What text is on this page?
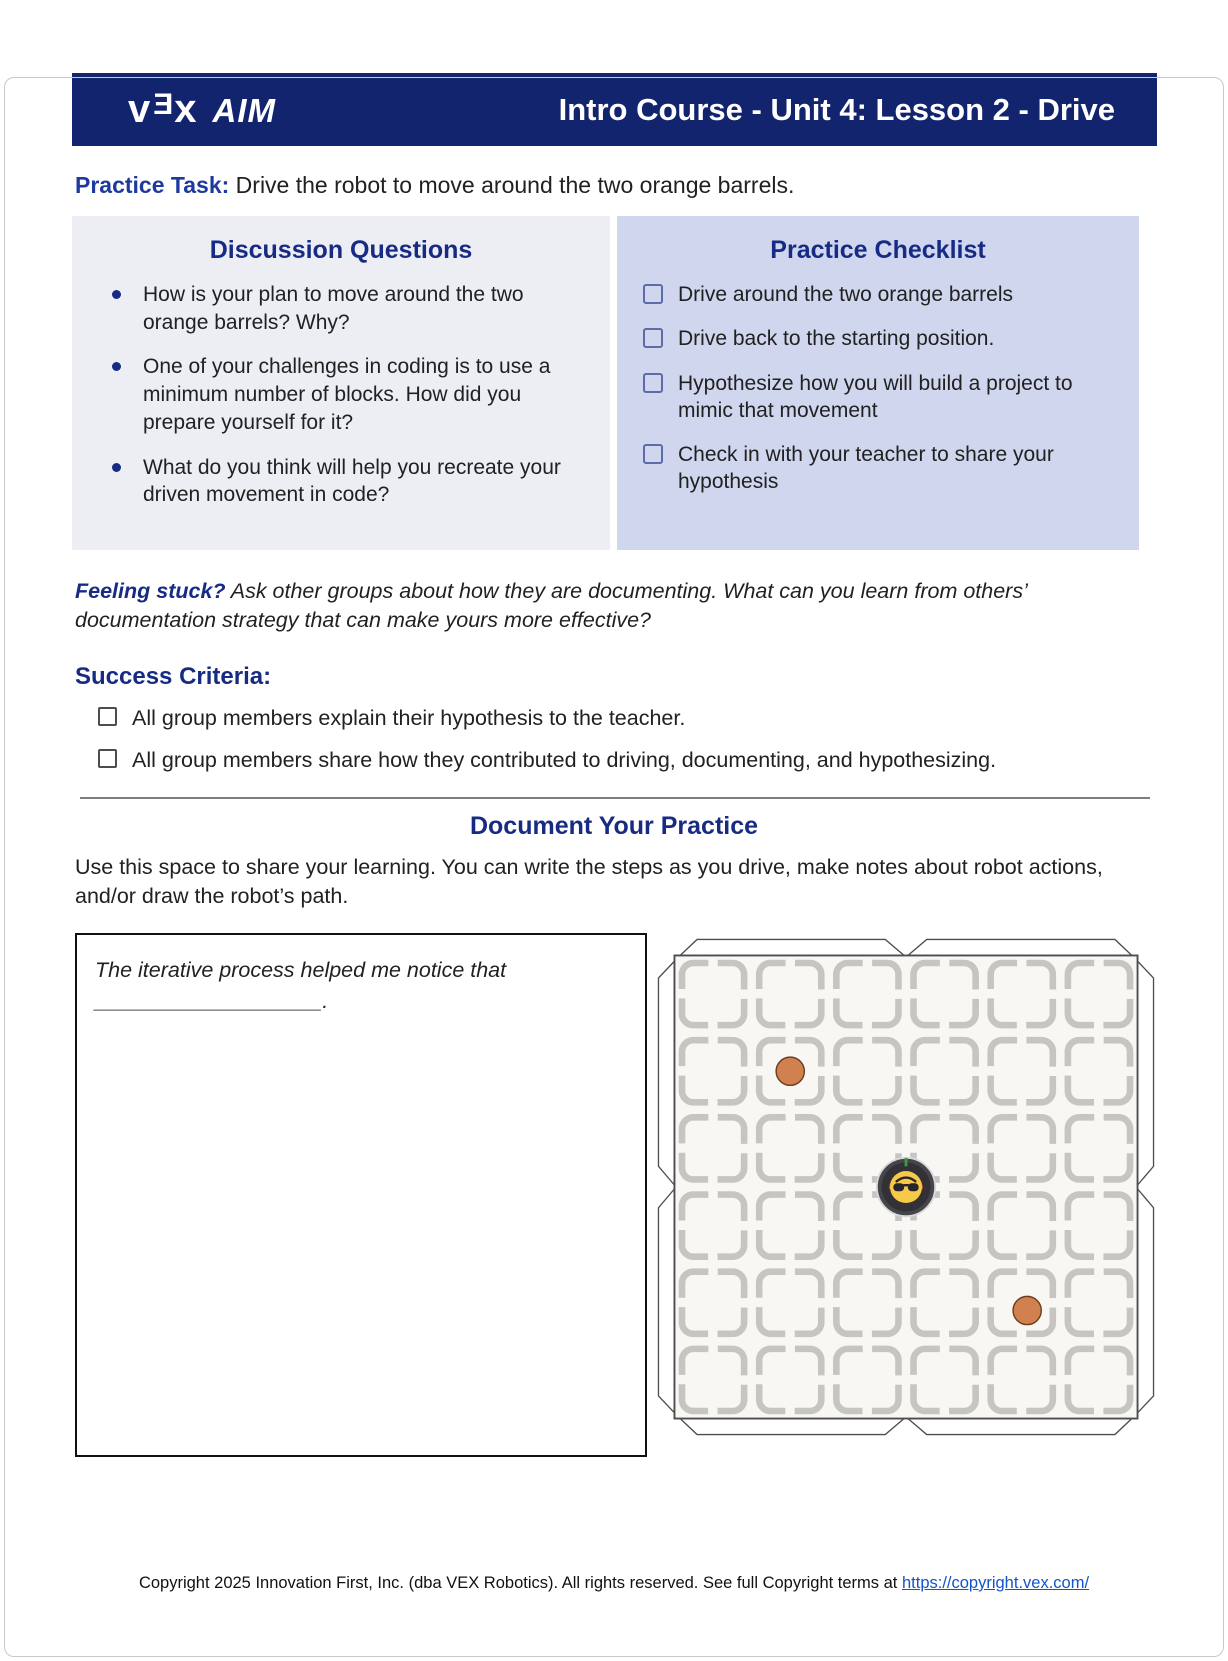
v Ǝ x AIM	Intro Course - Unit 4: Lesson 2 - Drive

Practice Task: Drive the robot to move around the two orange barrels.

Discussion Questions
How is your plan to move around the two orange barrels? Why?
One of your challenges in coding is to use a minimum number of blocks. How did you prepare yourself for it?
What do you think will help you recreate your driven movement in code?
Practice Checklist
Drive around the two orange barrels
Drive back to the starting position.
Hypothesize how you will build a project to mimic that movement
Check in with your teacher to share your hypothesis

Feeling stuck? Ask other groups about how they are documenting. What can you learn from others’ documentation strategy that can make yours more effective?

Success Criteria:
All group members explain their hypothesis to the teacher.
All group members share how they contributed to driving, documenting, and hypothesizing.
Document Your Practice

Use this space to share your learning. You can write the steps as you drive, make notes about robot actions, and/or draw the robot’s path.

The iterative process helped me notice that
___________________.
Copyright 2025 Innovation First, Inc. (dba VEX Robotics). All rights reserved. See full Copyright terms at https://copyright.vex.com/
